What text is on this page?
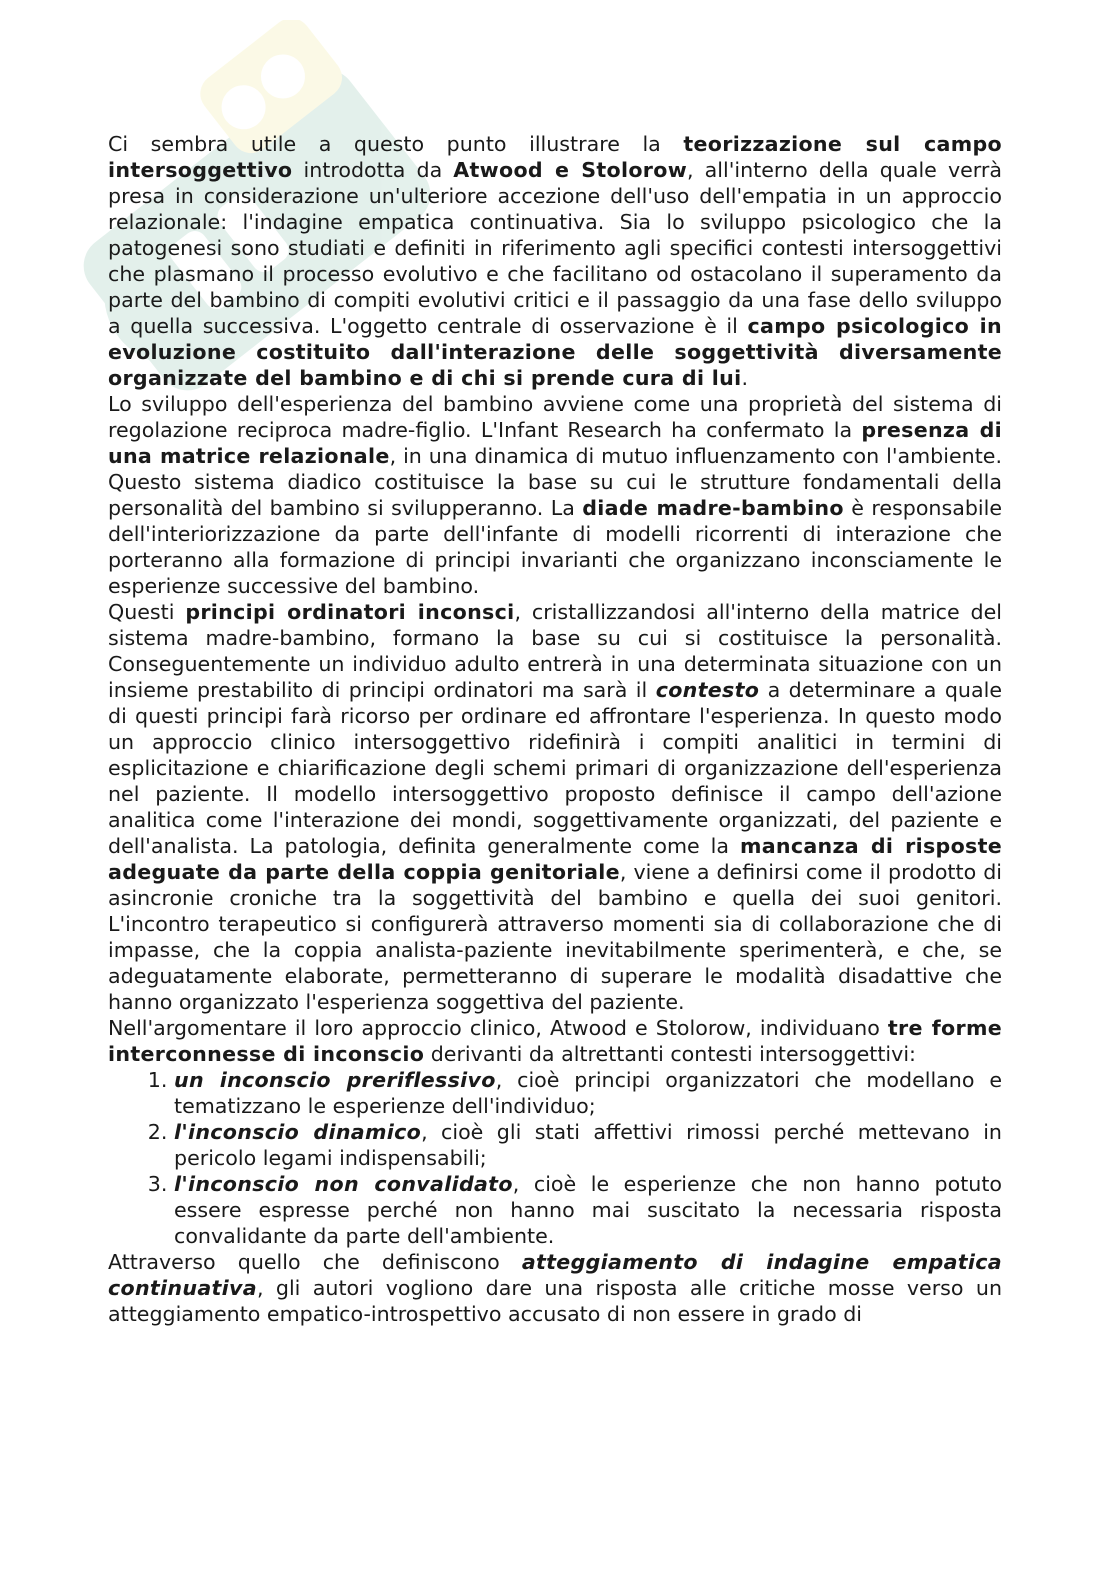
Ci sembra utile a questo punto illustrare la teorizzazione sul campo intersoggettivo introdotta da Atwood e Stolorow, all'interno della quale verrà presa in considerazione un'ulteriore accezione dell'uso dell'empatia in un approccio relazionale: l'indagine empatica continuativa. Sia lo sviluppo psicologico che la patogenesi sono studiati e definiti in riferimento agli specifici contesti intersoggettivi che plasmano il processo evolutivo e che facilitano od ostacolano il superamento da parte del bambino di compiti evolutivi critici e il passaggio da una fase dello sviluppo a quella successiva. L'oggetto centrale di osservazione è il campo psicologico in evoluzione costituito dall'interazione delle soggettività diversamente organizzate del bambino e di chi si prende cura di lui.

Lo sviluppo dell'esperienza del bambino avviene come una proprietà del sistema di regolazione reciproca madre-figlio. L'Infant Research ha confermato la presenza di una matrice relazionale, in una dinamica di mutuo influenzamento con l'ambiente. Questo sistema diadico costituisce la base su cui le strutture fondamentali della personalità del bambino si svilupperanno. La diade madre-bambino è responsabile dell'interiorizzazione da parte dell'infante di modelli ricorrenti di interazione che porteranno alla formazione di principi invarianti che organizzano inconsciamente le esperienze successive del bambino.

Questi principi ordinatori inconsci, cristallizzandosi all'interno della matrice del sistema madre-bambino, formano la base su cui si costituisce la personalità. Conseguentemente un individuo adulto entrerà in una determinata situazione con un insieme prestabilito di principi ordinatori ma sarà il contesto a determinare a quale di questi principi farà ricorso per ordinare ed affrontare l'esperienza. In questo modo un approccio clinico intersoggettivo ridefinirà i compiti analitici in termini di esplicitazione e chiarificazione degli schemi primari di organizzazione dell'esperienza nel paziente. Il modello intersoggettivo proposto definisce il campo dell'azione analitica come l'interazione dei mondi, soggettivamente organizzati, del paziente e dell'analista. La patologia, definita generalmente come la mancanza di risposte adeguate da parte della coppia genitoriale, viene a definirsi come il prodotto di asincronie croniche tra la soggettività del bambino e quella dei suoi genitori. L'incontro terapeutico si configurerà attraverso momenti sia di collaborazione che di impasse, che la coppia analista-paziente inevitabilmente sperimenterà, e che, se adeguatamente elaborate, permetteranno di superare le modalità disadattive che hanno organizzato l'esperienza soggettiva del paziente.

Nell'argomentare il loro approccio clinico, Atwood e Stolorow, individuano tre forme interconnesse di inconscio derivanti da altrettanti contesti intersoggettivi:

1. un inconscio preriflessivo, cioè principi organizzatori che modellano e tematizzano le esperienze dell'individuo;
2. l'inconscio dinamico, cioè gli stati affettivi rimossi perché mettevano in pericolo legami indispensabili;
3. l'inconscio non convalidato, cioè le esperienze che non hanno potuto essere espresse perché non hanno mai suscitato la necessaria risposta convalidante da parte dell'ambiente.

Attraverso quello che definiscono atteggiamento di indagine empatica continuativa, gli autori vogliono dare una risposta alle critiche mosse verso un atteggiamento empatico-introspettivo accusato di non essere in grado di
